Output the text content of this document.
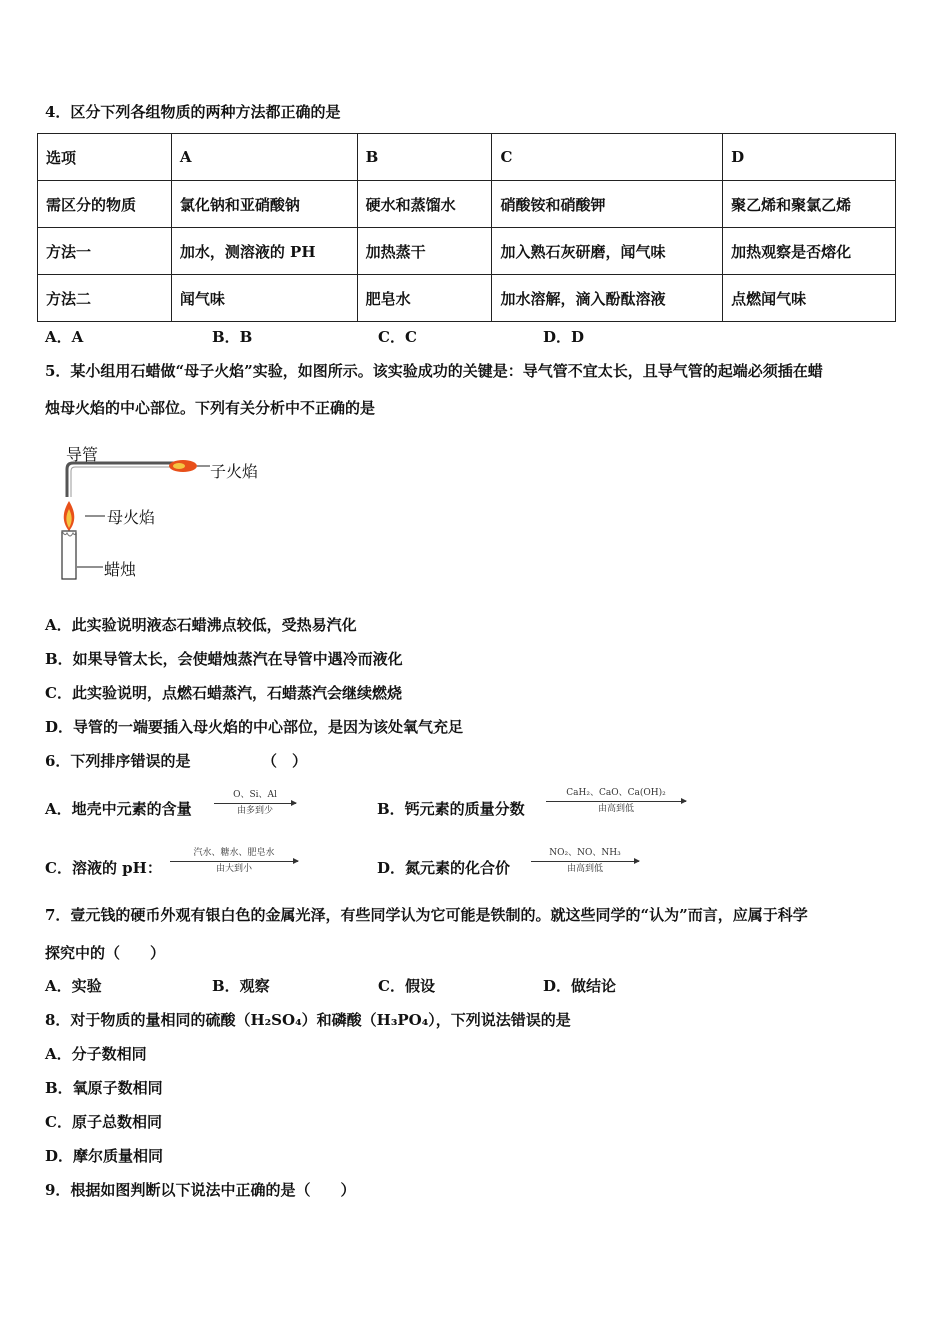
4．区分下列各组物质的两种方法都正确的是
选项	A	B	C	D
需区分的物质	氯化钠和亚硝酸钠	硬水和蒸馏水	硝酸铵和硝酸钾	聚乙烯和聚氯乙烯
方法一	加水，测溶液的 PH	加热蒸干	加入熟石灰研磨，闻气味	加热观察是否熔化
方法二	闻气味	肥皂水	加水溶解，滴入酚酞溶液	点燃闻气味
A．A	B．B	C．C	D．D
5．某小组用石蜡做“母子火焰”实验，如图所示。该实验成功的关键是：导气管不宜太长，且导气管的起端必须插在蜡
烛母火焰的中心部位。下列有关分析中不正确的是
导管
子火焰
母火焰
蜡烛
A．此实验说明液态石蜡沸点较低，受热易汽化
B．如果导管太长，会使蜡烛蒸汽在导管中遇冷而液化
C．此实验说明，点燃石蜡蒸汽，石蜡蒸汽会继续燃烧
D．导管的一端要插入母火焰的中心部位，是因为该处氧气充足
6．下列排序错误的是	（　）
A．地壳中元素的含量
O、Si、Al
由多到少	B．钙元素的质量分数
CaH₂、CaO、Ca(OH)₂
由高到低
C．溶液的 pH：
汽水、糖水、肥皂水
由大到小	D．氮元素的化合价
NO₂、NO、NH₃
由高到低
7．壹元钱的硬币外观有银白色的金属光泽，有些同学认为它可能是铁制的。就这些同学的“认为”而言，应属于科学
探究中的（　　）
A．实验	B．观察	C．假设	D．做结论
8．对于物质的量相同的硫酸（H₂SO₄）和磷酸（H₃PO₄），下列说法错误的是
A．分子数相同
B．氧原子数相同
C．原子总数相同
D．摩尔质量相同
9．根据如图判断以下说法中正确的是（　　）
